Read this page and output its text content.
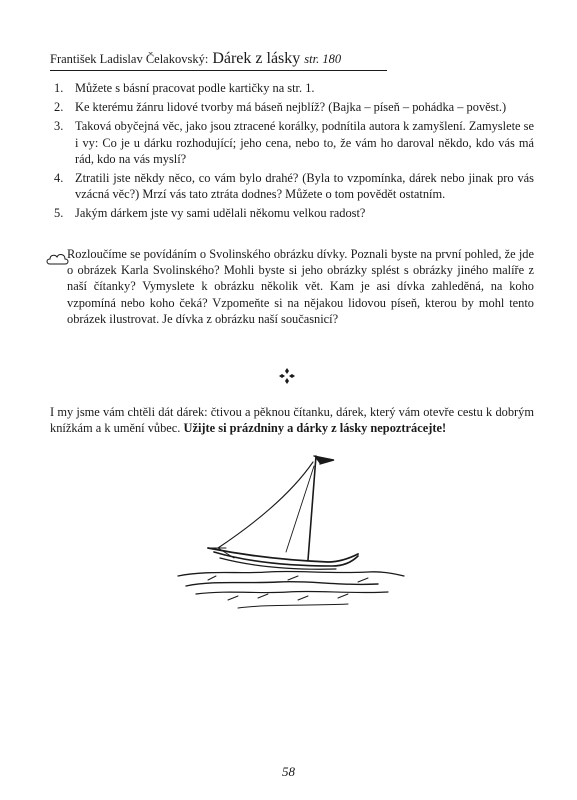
František Ladislav Čelakovský: Dárek z lásky str. 180
1. Můžete s básní pracovat podle kartičky na str. 1.
2. Ke kterému žánru lidové tvorby má báseň nejblíž? (Bajka – píseň – pohádka – pověst.)
3. Taková obyčejná věc, jako jsou ztracené korálky, podnítila autora k zamyšlení. Zamyslete se i vy: Co je u dárku rozhodující; jeho cena, nebo to, že vám ho daroval někdo, kdo vás má rád, kdo na vás myslí?
4. Ztratili jste někdy něco, co vám bylo drahé? (Byla to vzpomínka, dárek nebo jinak pro vás vzácná věc?) Mrzí vás tato ztráta dodnes? Můžete o tom povědět ostatním.
5. Jakým dárkem jste vy sami udělali někomu velkou radost?

Rozloučíme se povídáním o Svolinského obrázku dívky. Poznali byste na první pohled, že jde o obrázek Karla Svolinského? Mohli byste si jeho obrázky splést s obrázky jiného malíře z naší čítanky? Vymyslete k obrázku několik vět. Kam je asi dívka zahleděná, na koho vzpomíná nebo koho čeká? Vzpomeňte si na nějakou lidovou píseň, kterou by mohl tento obrázek ilustrovat. Je dívka z obrázku naší současnicí?

I my jsme vám chtěli dát dárek: čtivou a pěknou čítanku, dárek, který vám otevře cestu k dobrým knížkám a k umění vůbec. Užijte si prázdniny a dárky z lásky nepoztrácejte!

58
